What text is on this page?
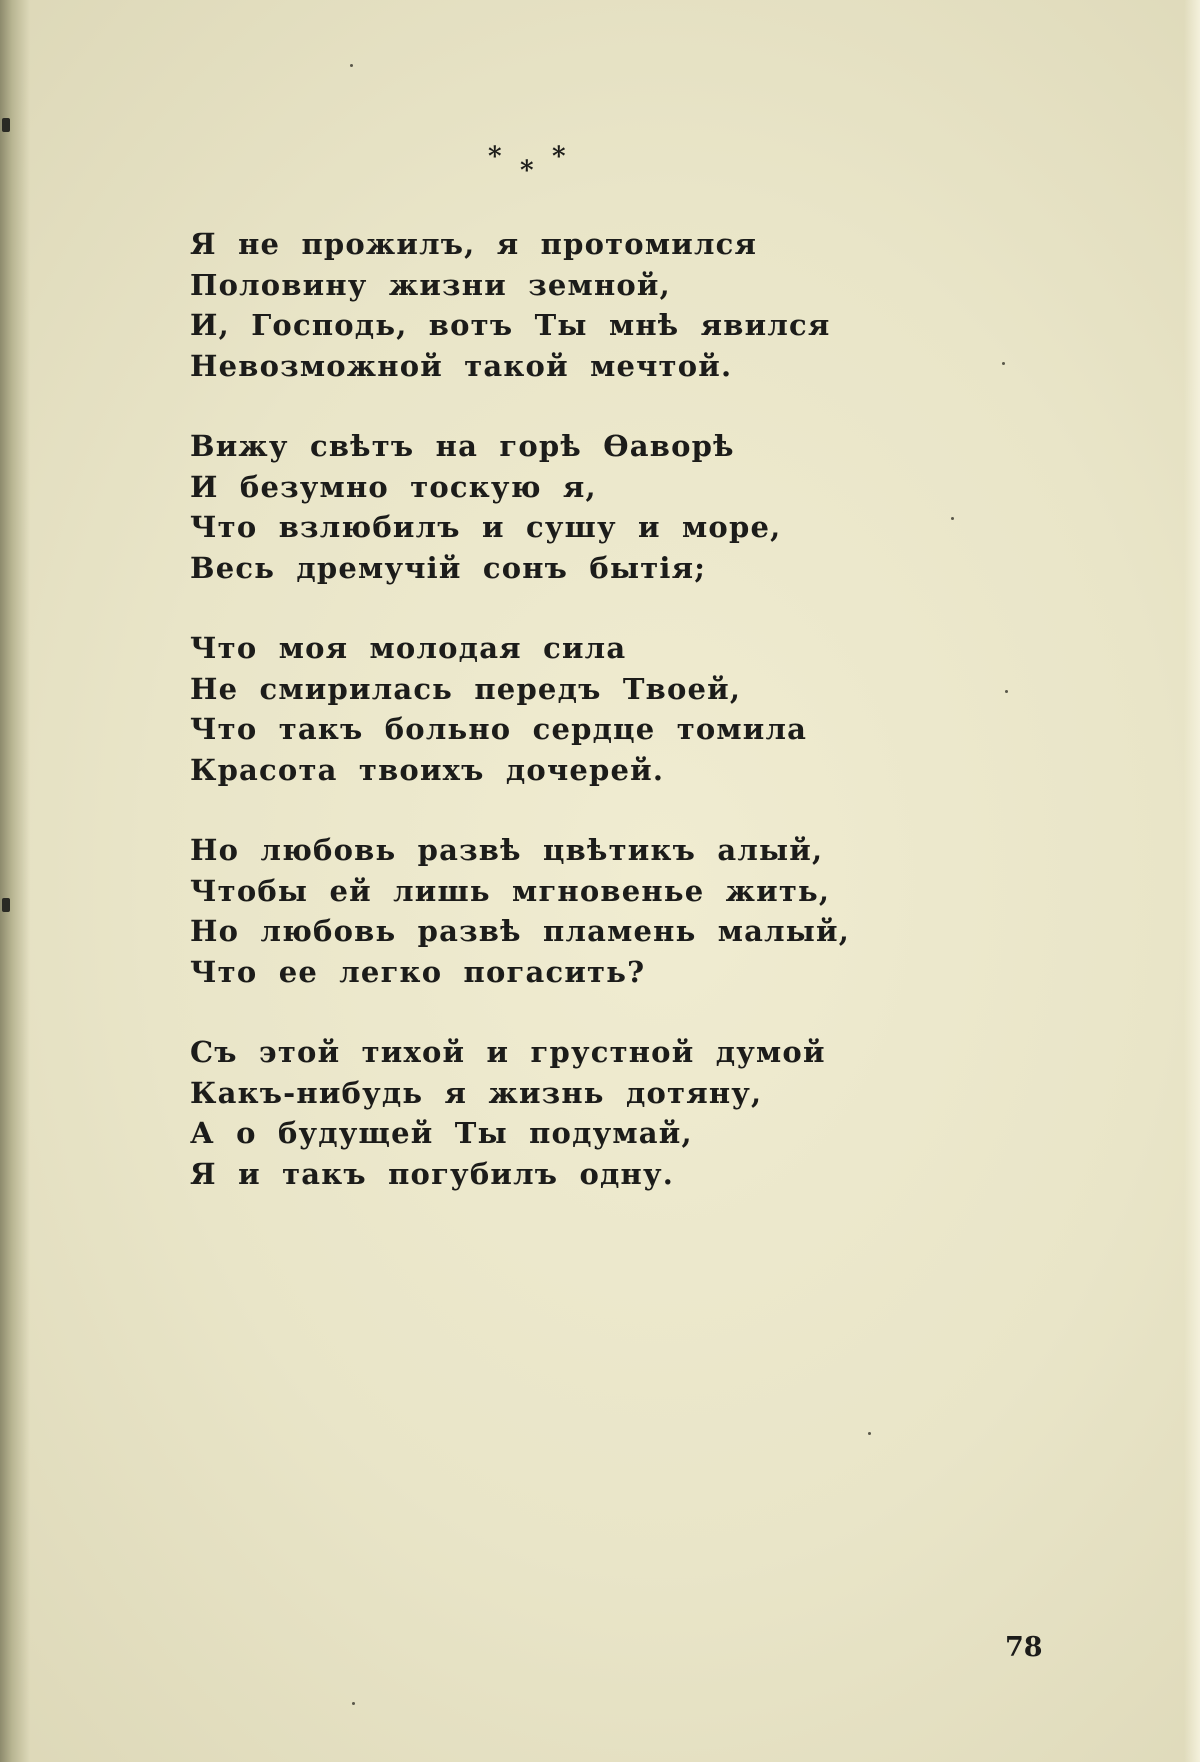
* * *
Я не прожилъ, я протомился
Половину жизни земной,
И, Господь, вотъ Ты мнѣ явился
Невозможной такой мечтой.
Вижу свѣтъ на горѣ Ѳаворѣ
И безумно тоскую я,
Что взлюбилъ и сушу и море,
Весь дремучій сонъ бытія;
Что моя молодая сила
Не смирилась передъ Твоей,
Что такъ больно сердце томила
Красота твоихъ дочерей.
Но любовь развѣ цвѣтикъ алый,
Чтобы ей лишь мгновенье жить,
Но любовь развѣ пламень малый,
Что ее легко погасить?
Съ этой тихой и грустной думой
Какъ-нибудь я жизнь дотяну,
А о будущей Ты подумай,
Я и такъ погубилъ одну.
78
